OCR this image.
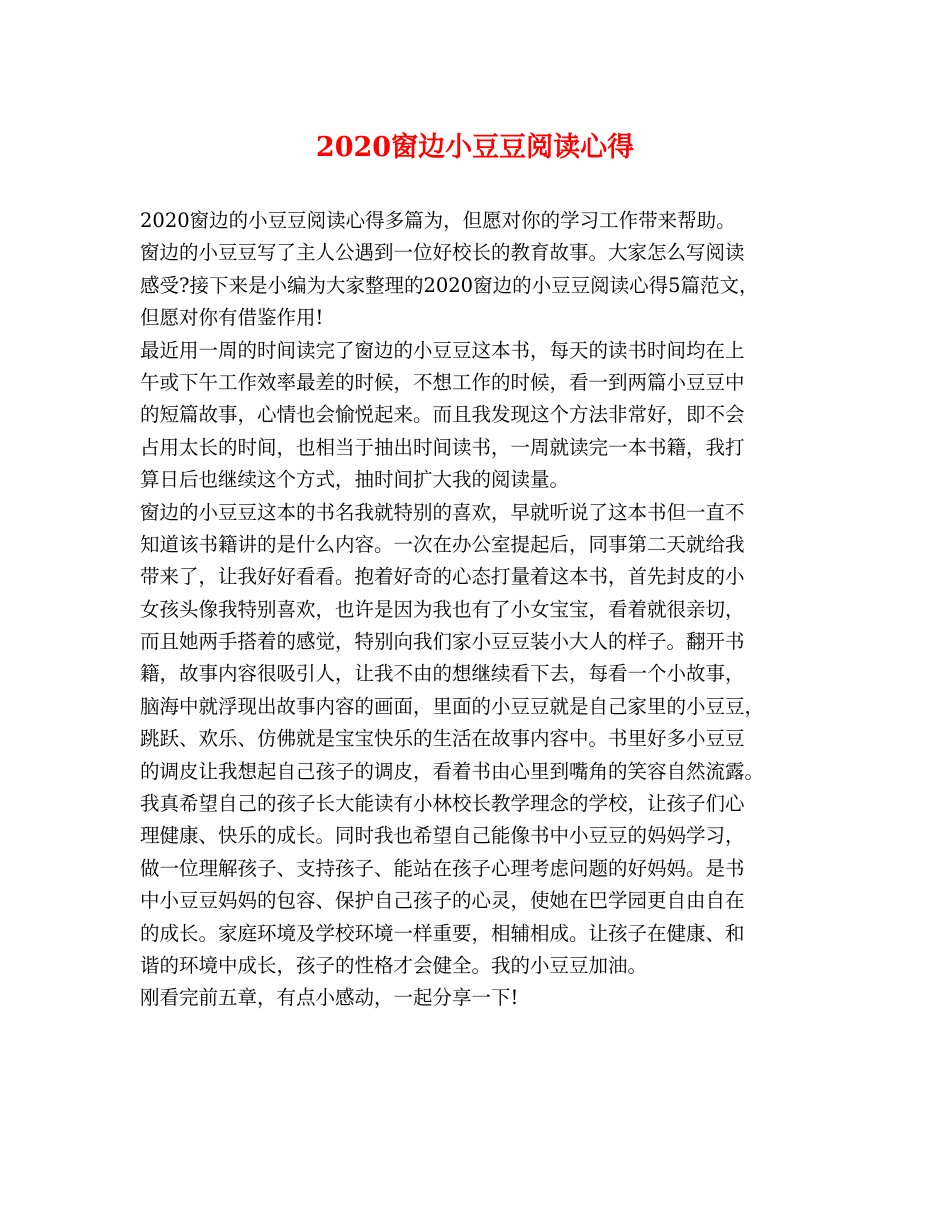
2020窗边小豆豆阅读心得
2020窗边的小豆豆阅读心得多篇为，但愿对你的学习工作带来帮助。
窗边的小豆豆写了主人公遇到一位好校长的教育故事。大家怎么写阅读
感受?接下来是小编为大家整理的2020窗边的小豆豆阅读心得5篇范文，
但愿对你有借鉴作用!
最近用一周的时间读完了窗边的小豆豆这本书，每天的读书时间均在上
午或下午工作效率最差的时候，不想工作的时候，看一到两篇小豆豆中
的短篇故事，心情也会愉悦起来。而且我发现这个方法非常好，即不会
占用太长的时间，也相当于抽出时间读书，一周就读完一本书籍，我打
算日后也继续这个方式，抽时间扩大我的阅读量。
窗边的小豆豆这本的书名我就特别的喜欢，早就听说了这本书但一直不
知道该书籍讲的是什么内容。一次在办公室提起后，同事第二天就给我
带来了，让我好好看看。抱着好奇的心态打量着这本书，首先封皮的小
女孩头像我特别喜欢，也许是因为我也有了小女宝宝，看着就很亲切，
而且她两手搭着的感觉，特别向我们家小豆豆装小大人的样子。翻开书
籍，故事内容很吸引人，让我不由的想继续看下去，每看一个小故事，
脑海中就浮现出故事内容的画面，里面的小豆豆就是自己家里的小豆豆，
跳跃、欢乐、仿佛就是宝宝快乐的生活在故事内容中。书里好多小豆豆
的调皮让我想起自己孩子的调皮，看着书由心里到嘴角的笑容自然流露。
我真希望自己的孩子长大能读有小林校长教学理念的学校，让孩子们心
理健康、快乐的成长。同时我也希望自己能像书中小豆豆的妈妈学习，
做一位理解孩子、支持孩子、能站在孩子心理考虑问题的好妈妈。是书
中小豆豆妈妈的包容、保护自己孩子的心灵，使她在巴学园更自由自在
的成长。家庭环境及学校环境一样重要，相辅相成。让孩子在健康、和
谐的环境中成长，孩子的性格才会健全。我的小豆豆加油。
刚看完前五章，有点小感动，一起分享一下!
